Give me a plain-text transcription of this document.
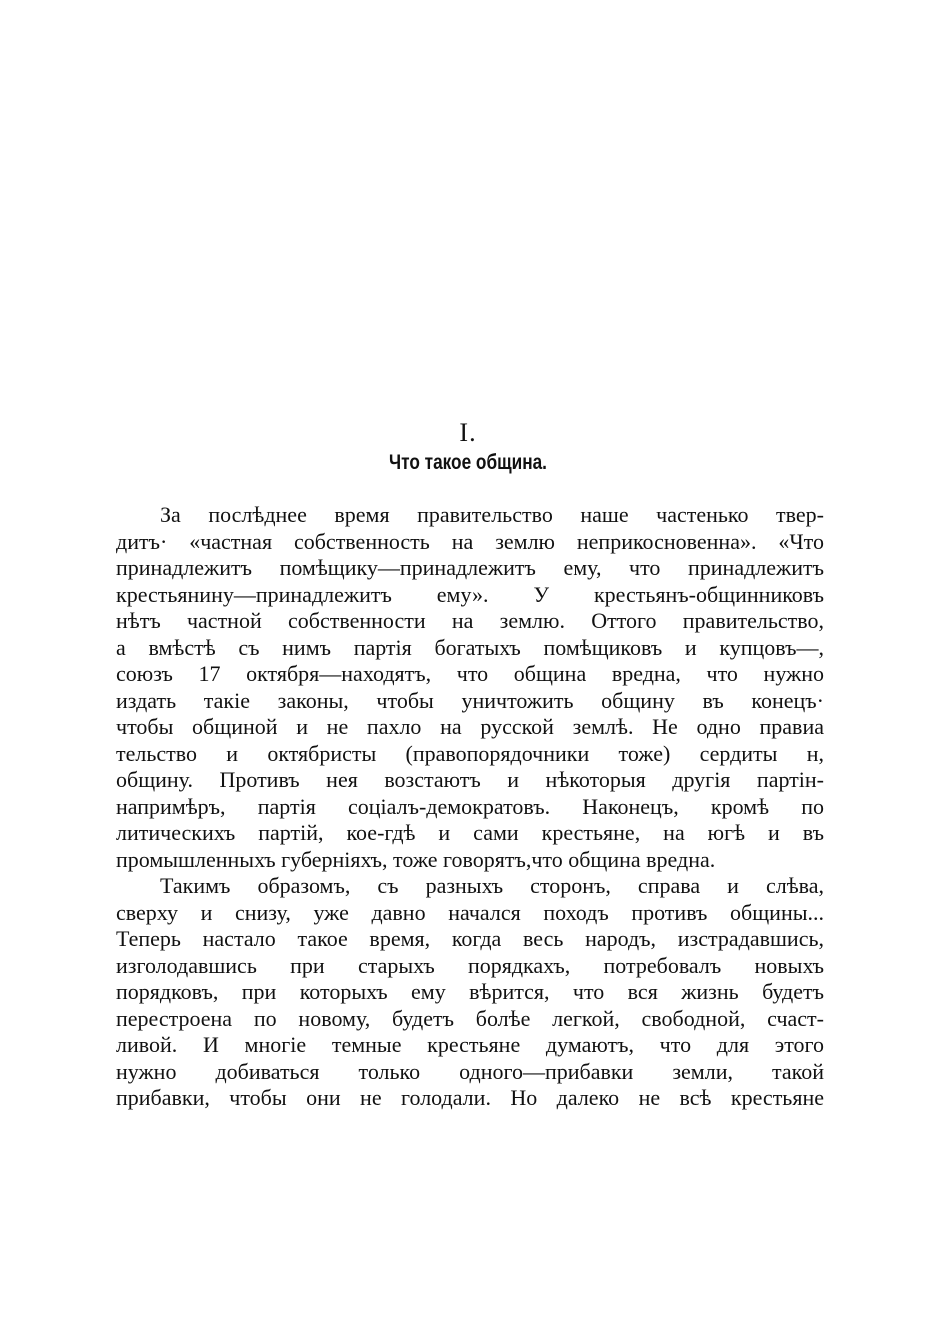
I.
Что такое община.
За послѣднее время правительство наше частенько твер-
дитъ· «частная собственность на землю неприкосновенна». «Что
принадлежитъ помѣщику—принадлежитъ ему, что принадлежитъ
крестьянину—принадлежитъ ему». У крестьянъ-общинниковъ
нѣтъ частной собственности на землю. Оттого правительство,
а вмѣстѣ съ нимъ партія богатыхъ помѣщиковъ и купцовъ—,
союзъ 17 октября—находятъ, что община вредна, что нужно
издать такіе законы, чтобы уничтожить общину въ конецъ·
чтобы общиной и не пахло на русской землѣ. Не одно правиа
тельство и октябристы (правопорядочники тоже) сердиты н,
общину. Противъ нея возстаютъ и нѣкоторыя другія партін-
напримѣръ, партія соціалъ-демократовъ. Наконецъ, кромѣ по
литическихъ партій, кое-гдѣ и сами крестьяне, на югѣ и въ
промышленныхъ губерніяхъ, тоже говорятъ,что община вредна.
Такимъ образомъ, съ разныхъ сторонъ, справа и слѣва,
сверху и снизу, уже давно начался походъ противъ общины...
Теперь настало такое время, когда весь народъ, изстрадавшись,
изголодавшись при старыхъ порядкахъ, потребовалъ новыхъ
порядковъ, при которыхъ ему вѣрится, что вся жизнь будетъ
перестроена по новому, будетъ болѣе легкой, свободной, счаст-
ливой. И многіе темные крестьяне думаютъ, что для этого
нужно добиваться только одного—прибавки земли, такой
прибавки, чтобы они не голодали. Но далеко не всѣ крестьяне
